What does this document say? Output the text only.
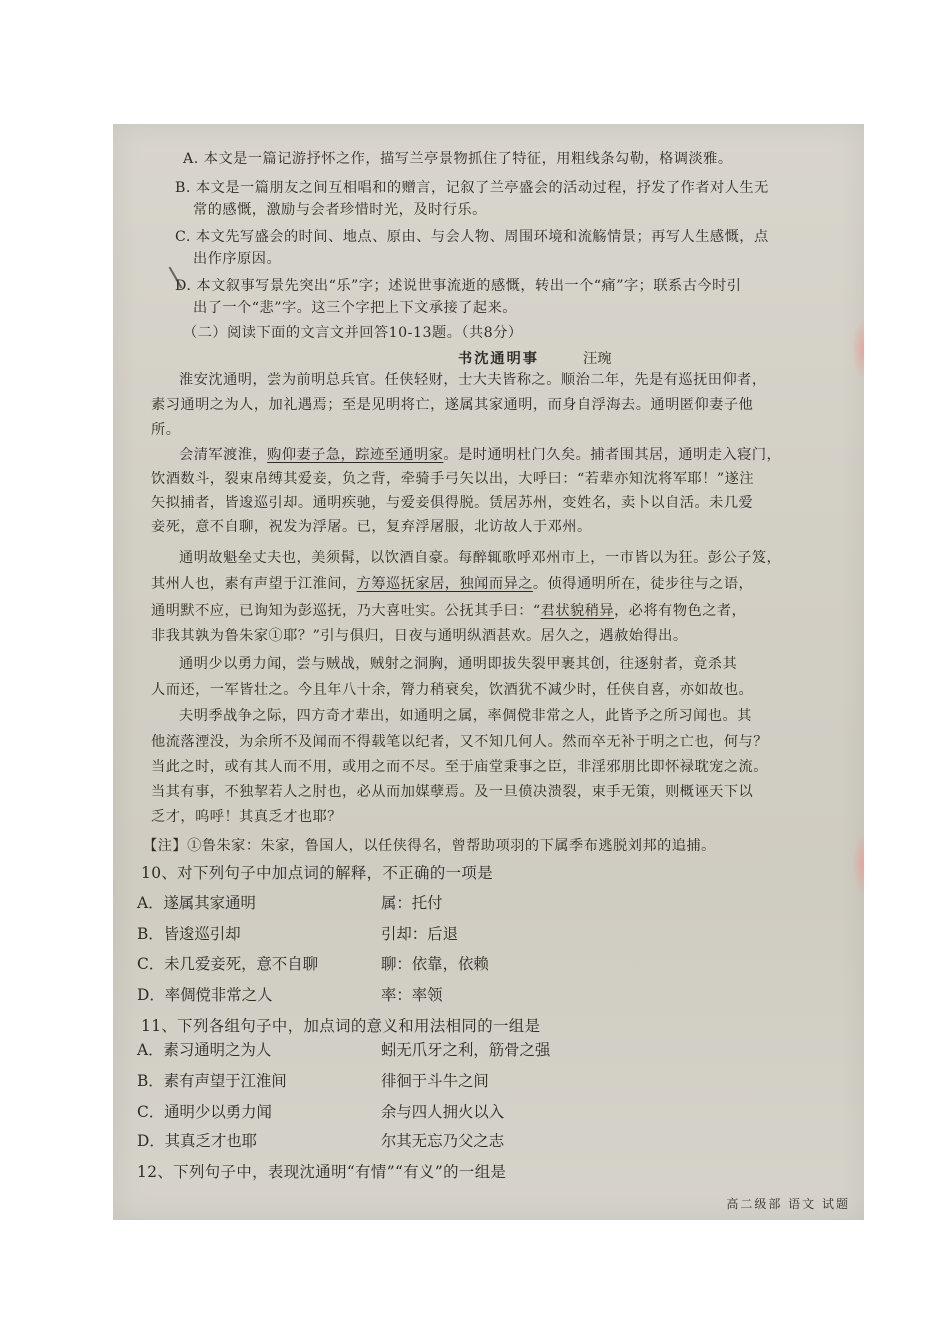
A. 本文是一篇记游抒怀之作，描写兰亭景物抓住了特征，用粗线条勾勒，格调淡雅。
B. 本文是一篇朋友之间互相唱和的赠言，记叙了兰亭盛会的活动过程，抒发了作者对人生无
常的感慨，激励与会者珍惜时光，及时行乐。
C. 本文先写盛会的时间、地点、原由、与会人物、周围环境和流觞情景；再写人生感慨，点
出作序原因。
D. 本文叙事写景先突出“乐”字；述说世事流逝的感慨，转出一个“痛”字；联系古今时引
出了一个“悲”字。这三个字把上下文承接了起来。
（二）阅读下面的文言文并回答10-13题。（共8分）
书沈通明事	汪琬
淮安沈通明，尝为前明总兵官。任侠轻财，士大夫皆称之。顺治二年，先是有巡抚田仰者，
素习通明之为人，加礼遇焉；至是见明将亡，遂属其家通明，而身自浮海去。通明匿仰妻子他
所。
会清军渡淮，购仰妻子急，踪迹至通明家。是时通明杜门久矣。捕者围其居，通明走入寝门，
饮酒数斗，裂束帛缚其爱妾，负之背，牵骑手弓矢以出，大呼曰：“若辈亦知沈将军耶！”遂注
矢拟捕者，皆逡巡引却。通明疾驰，与爱妾俱得脱。赁居苏州，变姓名，卖卜以自活。未几爱
妾死，意不自聊，祝发为浮屠。已，复弃浮屠服，北访故人于邓州。
通明故魁垒丈夫也，美须髯，以饮酒自豪。每醉辄歌呼邓州市上，一市皆以为狂。彭公子笈，
其州人也，素有声望于江淮间，方筹巡抚家居，独闻而异之。侦得通明所在，徒步往与之语，
通明默不应，已询知为彭巡抚，乃大喜吐实。公抚其手曰：“君状貌稍异，必将有物色之者，
非我其孰为鲁朱家①耶？”引与俱归，日夜与通明纵酒甚欢。居久之，遇赦始得出。
通明少以勇力闻，尝与贼战，贼射之洞胸，通明即拔失裂甲裹其创，往逐射者，竟杀其
人而还，一军皆壮之。今且年八十余，膂力稍衰矣，饮酒犹不减少时，任侠自喜，亦如故也。
夫明季战争之际，四方奇才辈出，如通明之属，率倜傥非常之人，此皆予之所习闻也。其
他流落湮没，为余所不及闻而不得载笔以纪者，又不知几何人。然而卒无补于明之亡也，何与？
当此之时，或有其人而不用，或用之而不尽。至于庙堂秉事之臣，非淫邪朋比即怀禄耽宠之流。
当其有事，不独挈若人之肘也，必从而加媒孽焉。及一旦偾决溃裂，束手无策，则概诬天下以
乏才，呜呼！其真乏才也耶？
【注】①鲁朱家：朱家，鲁国人，以任侠得名，曾帮助项羽的下属季布逃脱刘邦的追捕。
10、对下列句子中加点词的解释，不正确的一项是
A．遂属其家通明	属：托付
B．皆逡巡引却	引却：后退
C．未几爱妾死，意不自聊	聊：依靠，依赖
D．率倜傥非常之人	率：率领
11、下列各组句子中，加点词的意义和用法相同的一组是
A．素习通明之为人	蚓无爪牙之利，筋骨之强
B．素有声望于江淮间	徘徊于斗牛之间
C．通明少以勇力闻	余与四人拥火以入
D．其真乏才也耶	尔其无忘乃父之志
12、下列句子中，表现沈通明“有情”“有义”的一组是
高二级部 语文 试题
